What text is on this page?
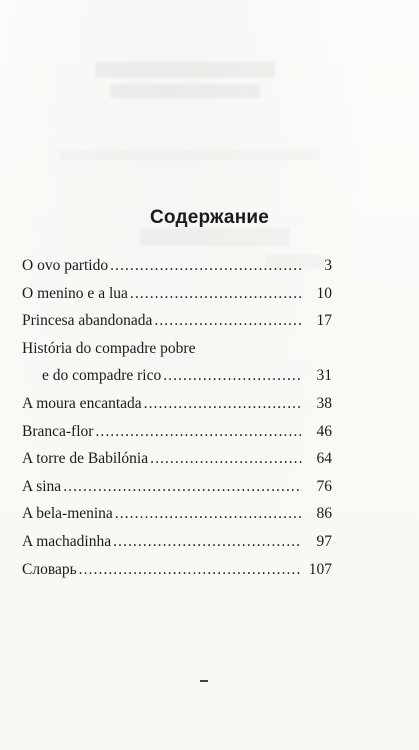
Содержание
O ovo partido . . .	3
O menino e a lua . . .	10
Princesa abandonada . . .	17
História do compadre pobre
e do compadre rico . . .	31
A moura encantada . . .	38
Branca-flor . . .	46
A torre de Babilónia . . .	64
A sina . . .	76
A bela-menina . . .	86
A machadinha . . .	97
Словарь . . .	107
